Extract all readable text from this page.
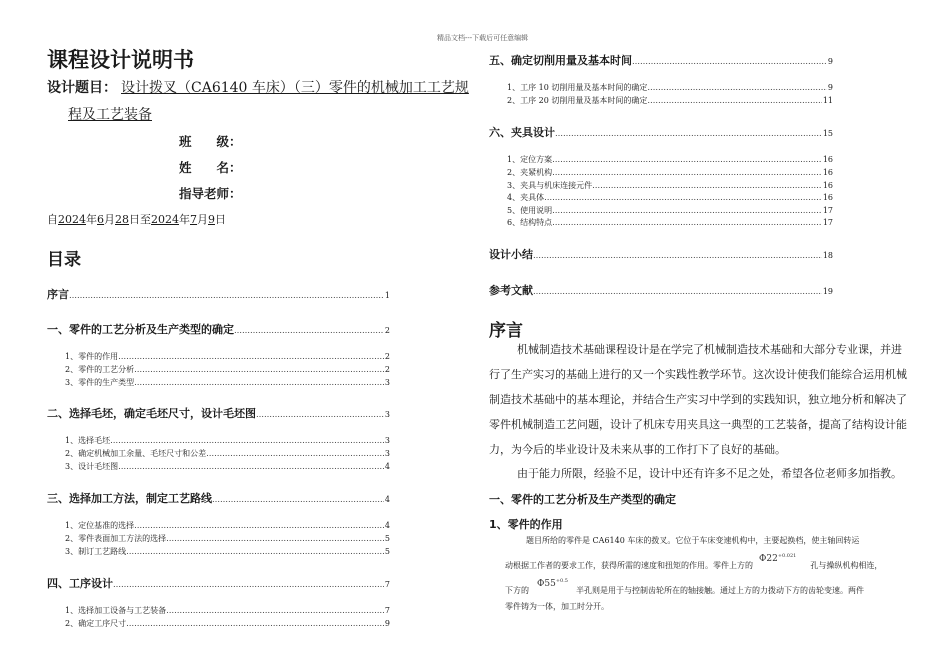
精品文档---下载后可任意编辑
课程设计说明书
设计题目： 设计拨叉（CA6140 车床）（三）零件的机械加工工艺规
程及工艺装备
班　　级：
姓　　名：
指导老师：
自2024年6月28日至2024年7月9日
目录
序言 ………………………………………………………………………………………………………………………………………………………………………………………………………………………………………………	1
一、零件的工艺分析及生产类型的确定 ………………………………………………………………………………………………………………………………………………………………………………………………………………………………………………	2
1、零件的作用 ………………………………………………………………………………………………………………………………………………………………………………………………………………………………………………	2
2、零件的工艺分析 ………………………………………………………………………………………………………………………………………………………………………………………………………………………………………………	2
3、零件的生产类型 ………………………………………………………………………………………………………………………………………………………………………………………………………………………………………………	3
二、选择毛坯，确定毛坯尺寸，设计毛坯图 ………………………………………………………………………………………………………………………………………………………………………………………………………………………………………………	3
1、选择毛坯 ………………………………………………………………………………………………………………………………………………………………………………………………………………………………………………	3
2、确定机械加工余量、毛坯尺寸和公差 ………………………………………………………………………………………………………………………………………………………………………………………………………………………………………………	3
3、设计毛坯图 ………………………………………………………………………………………………………………………………………………………………………………………………………………………………………………	4
三、选择加工方法，制定工艺路线 ………………………………………………………………………………………………………………………………………………………………………………………………………………………………………………	4
1、定位基准的选择 ………………………………………………………………………………………………………………………………………………………………………………………………………………………………………………	4
2、零件表面加工方法的选择 ………………………………………………………………………………………………………………………………………………………………………………………………………………………………………………	5
3、制订工艺路线 ………………………………………………………………………………………………………………………………………………………………………………………………………………………………………………	5
四、工序设计 ………………………………………………………………………………………………………………………………………………………………………………………………………………………………………………	7
1、选择加工设备与工艺装备 ………………………………………………………………………………………………………………………………………………………………………………………………………………………………………………	7
2、确定工序尺寸 ………………………………………………………………………………………………………………………………………………………………………………………………………………………………………………	9
五、确定切削用量及基本时间 ………………………………………………………………………………………………………………………………………………………………………………………………………………………………………………	9
1、工序 10 切削用量及基本时间的确定 ………………………………………………………………………………………………………………………………………………………………………………………………………………………………………………	9
2、工序 20 切削用量及基本时间的确定 ………………………………………………………………………………………………………………………………………………………………………………………………………………………………………………	11
六、夹具设计 ………………………………………………………………………………………………………………………………………………………………………………………………………………………………………………	15
1、定位方案 ………………………………………………………………………………………………………………………………………………………………………………………………………………………………………………	16
2、夹紧机构 ………………………………………………………………………………………………………………………………………………………………………………………………………………………………………………	16
3、夹具与机床连接元件 ………………………………………………………………………………………………………………………………………………………………………………………………………………………………………………	16
4、夹具体 ………………………………………………………………………………………………………………………………………………………………………………………………………………………………………………	16
5、使用说明 ………………………………………………………………………………………………………………………………………………………………………………………………………………………………………………	17
6、结构特点 ………………………………………………………………………………………………………………………………………………………………………………………………………………………………………………	17
设计小结 ………………………………………………………………………………………………………………………………………………………………………………………………………………………………………………	18
参考文献 ………………………………………………………………………………………………………………………………………………………………………………………………………………………………………………	19
序言
机械制造技术基础课程设计是在学完了机械制造技术基础和大部分专业课，并进
行了生产实习的基础上进行的又一个实践性教学环节。这次设计使我们能综合运用机械
制造技术基础中的基本理论，并结合生产实习中学到的实践知识，独立地分析和解决了
零件机械制造工艺问题，设计了机床专用夹具这一典型的工艺装备，提高了结构设计能
力，为今后的毕业设计及未来从事的工作打下了良好的基础。
由于能力所限，经验不足，设计中还有许多不足之处，希望各位老师多加指教。
一、零件的工艺分析及生产类型的确定
1、零件的作用
题目所给的零件是 CA6140 车床的拨叉。它位于车床变速机构中，主要起换档，使主轴回转运
动根据工作者的要求工作，获得所需的速度和扭矩的作用。零件上方的$\Phi 22^{+0.021}$孔与操纵机构相连，
下方的$\Phi 55^{+0.5}$半孔则是用于与控制齿轮所在的轴接触。通过上方的力拨动下方的齿轮变速。两件
零件铸为一体，加工时分开。
